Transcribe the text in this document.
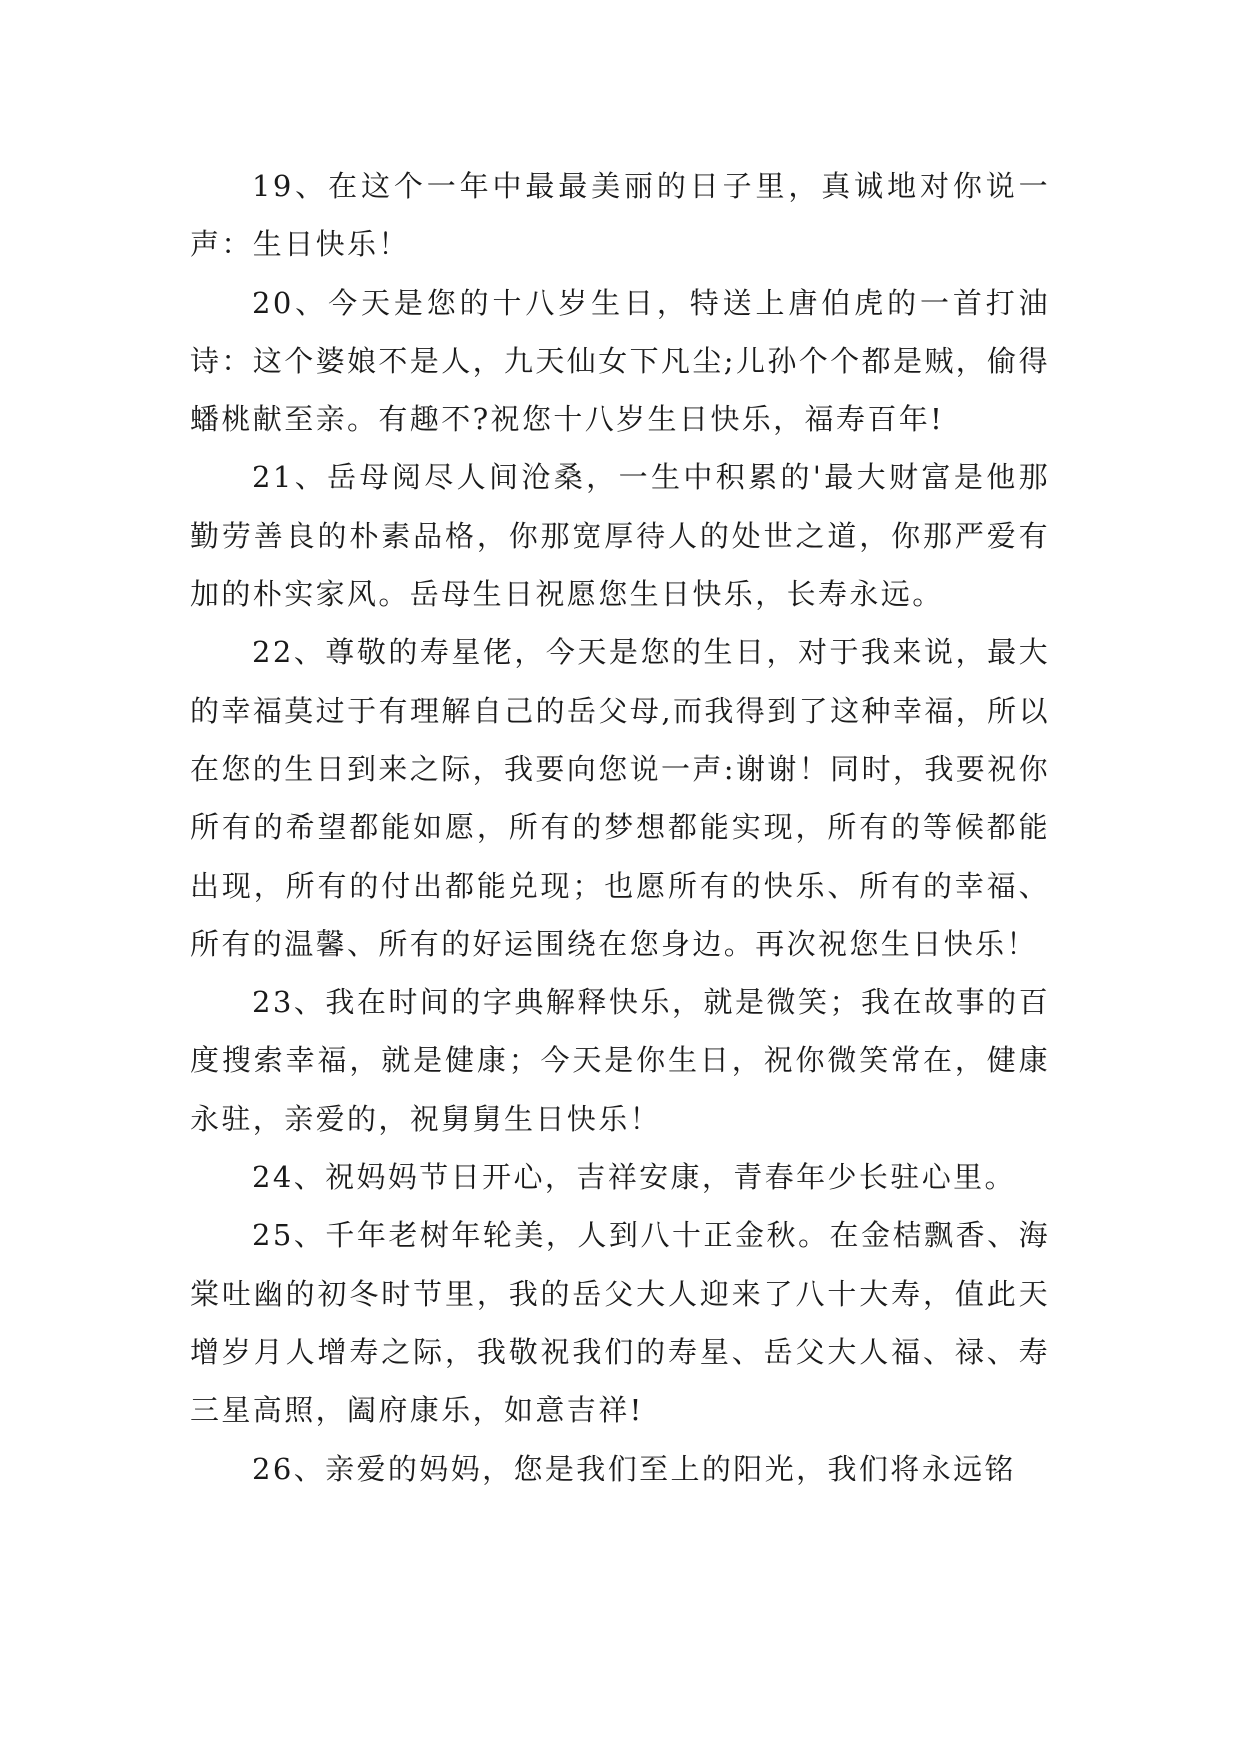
19、在这个一年中最最美丽的日子里，真诚地对你说一声：生日快乐！

20、今天是您的十八岁生日，特送上唐伯虎的一首打油诗：这个婆娘不是人，九天仙女下凡尘;儿孙个个都是贼，偷得蟠桃献至亲。有趣不?祝您十八岁生日快乐，福寿百年!

21、岳母阅尽人间沧桑，一生中积累的'最大财富是他那勤劳善良的朴素品格，你那宽厚待人的处世之道，你那严爱有加的朴实家风。岳母生日祝愿您生日快乐，长寿永远。

22、尊敬的寿星佬，今天是您的生日，对于我来说，最大的幸福莫过于有理解自己的岳父母,而我得到了这种幸福，所以在您的生日到来之际，我要向您说一声:谢谢！同时，我要祝你所有的希望都能如愿，所有的梦想都能实现，所有的等候都能出现，所有的付出都能兑现；也愿所有的快乐、所有的幸福、所有的温馨、所有的好运围绕在您身边。再次祝您生日快乐！

23、我在时间的字典解释快乐，就是微笑；我在故事的百度搜索幸福，就是健康；今天是你生日，祝你微笑常在，健康永驻，亲爱的，祝舅舅生日快乐！

24、祝妈妈节日开心，吉祥安康，青春年少长驻心里。

25、千年老树年轮美，人到八十正金秋。在金桔飘香、海棠吐幽的初冬时节里，我的岳父大人迎来了八十大寿，值此天增岁月人增寿之际，我敬祝我们的寿星、岳父大人福、禄、寿三星高照，阖府康乐，如意吉祥!

26、亲爱的妈妈，您是我们至上的阳光，我们将永远铭
